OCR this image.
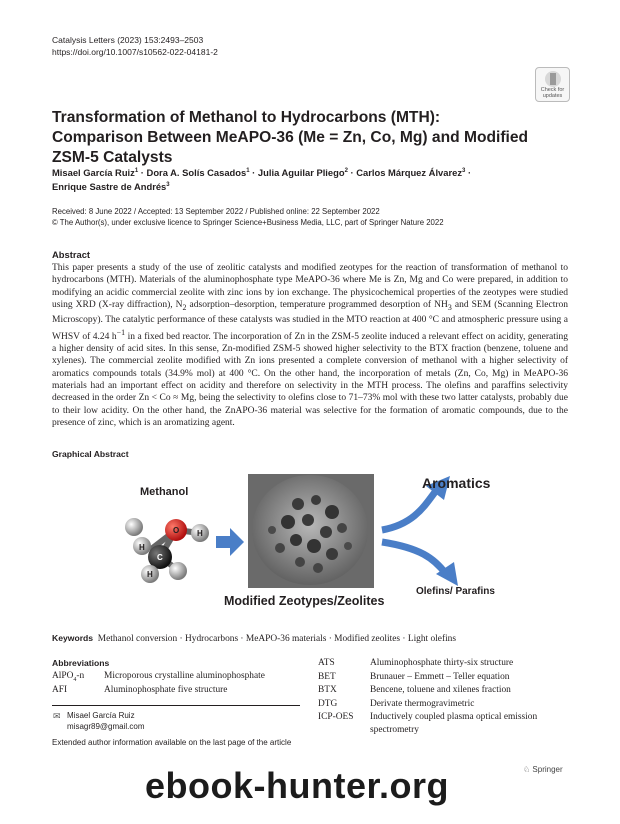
Catalysis Letters (2023) 153:2493–2503
https://doi.org/10.1007/s10562-022-04181-2
Check for updates
Transformation of Methanol to Hydrocarbons (MTH): Comparison Between MeAPO-36 (Me = Zn, Co, Mg) and Modified ZSM-5 Catalysts
Misael García Ruiz$^1$ · Dora A. Solís Casados$^1$ · Julia Aguilar Pliego$^2$ · Carlos Márquez Álvarez$^3$ ·
Enrique Sastre de Andrés$^3$
Received: 8 June 2022 / Accepted: 13 September 2022 / Published online: 22 September 2022
© The Author(s), under exclusive licence to Springer Science+Business Media, LLC, part of Springer Nature 2022
Abstract
This paper presents a study of the use of zeolitic catalysts and modified zeotypes for the reaction of transformation of methanol to hydrocarbons (MTH). Materials of the aluminophosphate type MeAPO-36 where Me is Zn, Mg and Co were prepared, in addition to modifying an acidic commercial zeolite with zinc ions by ion exchange. The physicochemical properties of the zeotypes were studied using XRD (X-ray diffraction), $N_2$ adsorption–desorption, temperature programmed desorption of $NH_3$ and SEM (Scanning Electron Microscopy). The catalytic performance of these catalysts was studied in the MTO reaction at 400 °C and atmospheric pressure using a WHSV of 4.24 $h^{-1}$ in a fixed bed reactor. The incorporation of Zn in the ZSM-5 zeolite induced a relevant effect on acidity, generating a higher density of acid sites. In this sense, Zn-modified ZSM-5 showed higher selectivity to the BTX fraction (benzene, toluene and xylenes). The commercial zeolite modified with Zn ions presented a complete conversion of methanol with a higher selectivity of aromatics compounds totals (34.9% mol) at 400 °C. On the other hand, the incorporation of metals (Zn, Co, Mg) in MeAPO-36 materials had an important effect on acidity and therefore on selectivity in the MTH process. The olefins and paraffins selectivity decreased in the order Zn < Co ≈ Mg, being the selectivity to olefins close to 71–73% mol with these two latter catalysts, probably due to their low acidity. On the other hand, the ZnAPO-36 material was selective for the formation of aromatic compounds, due to the presence of zinc, which is an aromatizing agent.
Graphical Abstract
Methanol
H
H
H
O
C
Aromatics
Olefins/ Parafins
Modified Zeotypes/Zeolites
Keywords Methanol conversion · Hydrocarbons · MeAPO-36 materials · Modified zeolites · Light olefins
Abbreviations
AlPO$_4$-n Microporous crystalline aluminophosphate
AFI	Aluminophosphate five structure
ATS	Aluminophosphate thirty-six structure
BET	Brunauer – Emmett – Teller equation
BTX	Bencene, toluene and xilenes fraction
DTG	Derivate thermogravimetric
ICP-OES Inductively coupled plasma optical emission spectrometry
✉ Misael García Ruiz
misagr89@gmail.com
Extended author information available on the last page of the article
♘ Springer
ebook-hunter.org
